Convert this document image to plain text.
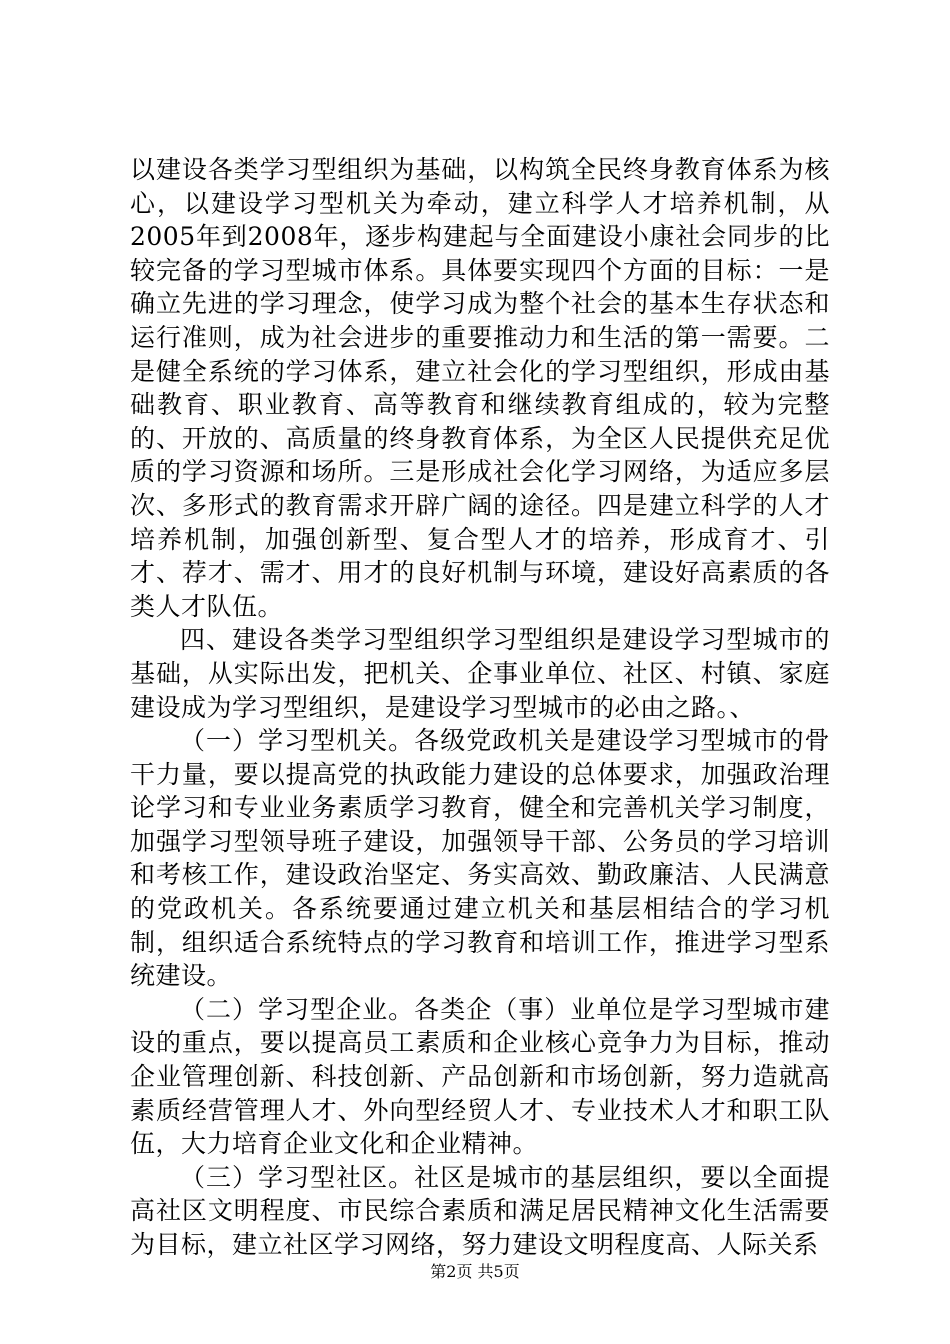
以建设各类学习型组织为基础，以构筑全民终身教育体系为核心，以建设学习型机关为牵动，建立科学人才培养机制，从2005年到2008年，逐步构建起与全面建设小康社会同步的比较完备的学习型城市体系。具体要实现四个方面的目标：一是确立先进的学习理念，使学习成为整个社会的基本生存状态和运行准则，成为社会进步的重要推动力和生活的第一需要。二是健全系统的学习体系，建立社会化的学习型组织，形成由基础教育、职业教育、高等教育和继续教育组成的，较为完整的、开放的、高质量的终身教育体系，为全区人民提供充足优质的学习资源和场所。三是形成社会化学习网络，为适应多层次、多形式的教育需求开辟广阔的途径。四是建立科学的人才培养机制，加强创新型、复合型人才的培养，形成育才、引才、荐才、需才、用才的良好机制与环境，建设好高素质的各类人才队伍。

四、建设各类学习型组织学习型组织是建设学习型城市的基础，从实际出发，把机关、企事业单位、社区、村镇、家庭建设成为学习型组织，是建设学习型城市的必由之路。、

（一）学习型机关。各级党政机关是建设学习型城市的骨干力量，要以提高党的执政能力建设的总体要求，加强政治理论学习和专业业务素质学习教育，健全和完善机关学习制度，加强学习型领导班子建设，加强领导干部、公务员的学习培训和考核工作，建设政治坚定、务实高效、勤政廉洁、人民满意的党政机关。各系统要通过建立机关和基层相结合的学习机制，组织适合系统特点的学习教育和培训工作，推进学习型系统建设。

（二）学习型企业。各类企（事）业单位是学习型城市建设的重点，要以提高员工素质和企业核心竞争力为目标，推动企业管理创新、科技创新、产品创新和市场创新，努力造就高素质经营管理人才、外向型经贸人才、专业技术人才和职工队伍，大力培育企业文化和企业精神。

（三）学习型社区。社区是城市的基层组织，要以全面提高社区文明程度、市民综合素质和满足居民精神文化生活需要为目标，建立社区学习网络，努力建设文明程度高、人际关系

第2页 共5页
